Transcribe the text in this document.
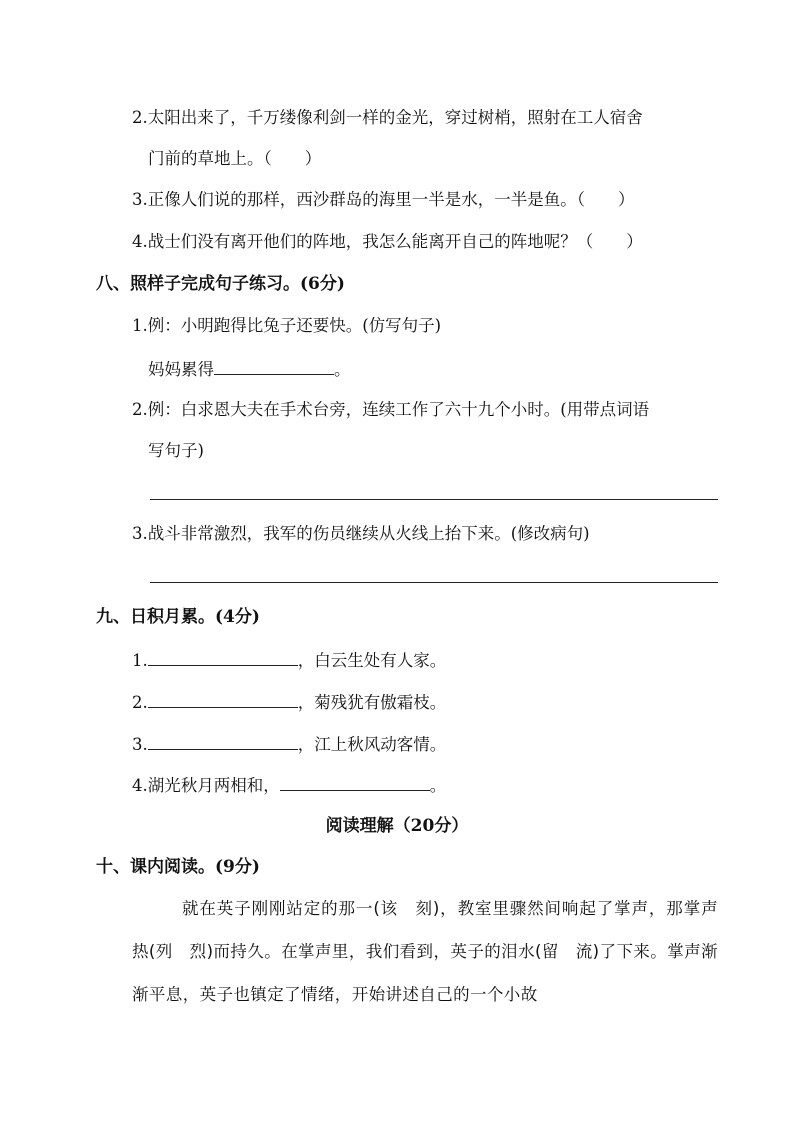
2.太阳出来了，千万缕像利剑一样的金光，穿过树梢，照射在工人宿舍
门前的草地上。（　　）
3.正像人们说的那样，西沙群岛的海里一半是水，一半是鱼。（　　）
4.战士们没有离开他们的阵地，我怎么能离开自己的阵地呢？（　　）
八、照样子完成句子练习。(6分)
1.例：小明跑得比兔子还要快。(仿写句子)
妈妈累得	。
2.例：白求恩大夫在手术台旁，连续工作了六十九个小时。(用带点词语
写句子)
3.战斗非常激烈，我军的伤员继续从火线上抬下来。(修改病句)
九、日积月累。(4分)
1.	，白云生处有人家。
2.	，菊残犹有傲霜枝。
3.	，江上秋风动客情。
4.湖光秋月两相和，	。
阅读理解（20分）
十、课内阅读。(9分)
就在英子刚刚站定的那一(该　刻)，教室里骤然间响起了掌声，那掌声热(列　烈)而持久。在掌声里，我们看到，英子的泪水(留　流)了下来。掌声渐渐平息，英子也镇定了情绪，开始讲述自己的一个小故
